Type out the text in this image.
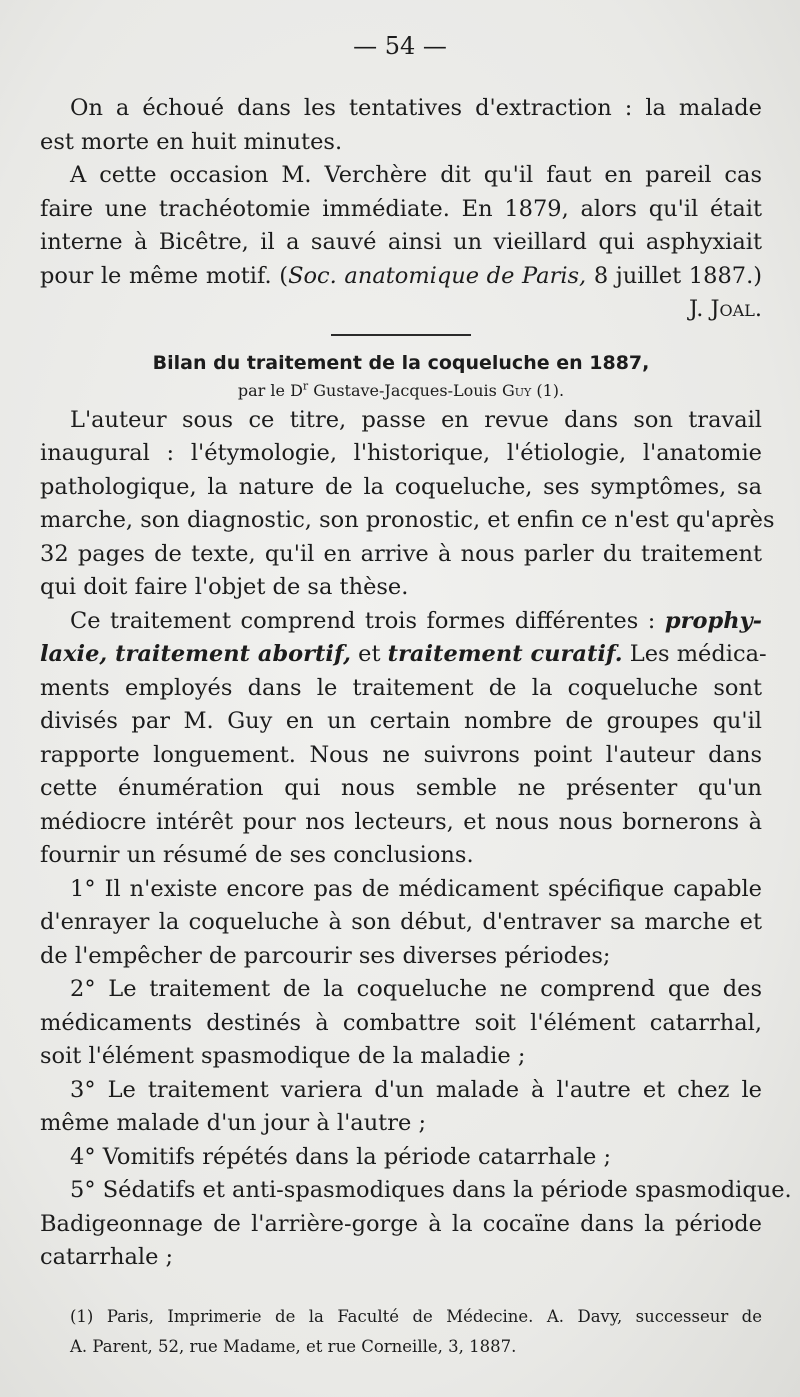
— 54 —
On a échoué dans les tentatives d'extraction : la malade
est morte en huit minutes.
A cette occasion M. Verchère dit qu'il faut en pareil cas
faire une trachéotomie immédiate. En 1879, alors qu'il était
interne à Bicêtre, il a sauvé ainsi un vieillard qui asphyxiait
pour le même motif. (Soc. anatomique de Paris, 8 juillet 1887.)
J. Joal.
Bilan du traitement de la coqueluche en 1887,
par le $D^r$ Gustave-Jacques-Louis Guy (1).
L'auteur sous ce titre, passe en revue dans son travail
inaugural : l'étymologie, l'historique, l'étiologie, l'anatomie
pathologique, la nature de la coqueluche, ses symptômes, sa
marche, son diagnostic, son pronostic, et enfin ce n'est qu'après
32 pages de texte, qu'il en arrive à nous parler du traitement
qui doit faire l'objet de sa thèse.
Ce traitement comprend trois formes différentes : prophy-
laxie, traitement abortif, et traitement curatif. Les médica-
ments employés dans le traitement de la coqueluche sont
divisés par M. Guy en un certain nombre de groupes qu'il
rapporte longuement. Nous ne suivrons point l'auteur dans
cette énumération qui nous semble ne présenter qu'un
médiocre intérêt pour nos lecteurs, et nous nous bornerons à
fournir un résumé de ses conclusions.
1° Il n'existe encore pas de médicament spécifique capable
d'enrayer la coqueluche à son début, d'entraver sa marche et
de l'empêcher de parcourir ses diverses périodes;
2° Le traitement de la coqueluche ne comprend que des
médicaments destinés à combattre soit l'élément catarrhal,
soit l'élément spasmodique de la maladie ;
3° Le traitement variera d'un malade à l'autre et chez le
même malade d'un jour à l'autre ;
4° Vomitifs répétés dans la période catarrhale ;
5° Sédatifs et anti-spasmodiques dans la période spasmodique.
Badigeonnage de l'arrière-gorge à la cocaïne dans la période
catarrhale ;
(1) Paris, Imprimerie de la Faculté de Médecine. A. Davy, successeur de
A. Parent, 52, rue Madame, et rue Corneille, 3, 1887.
